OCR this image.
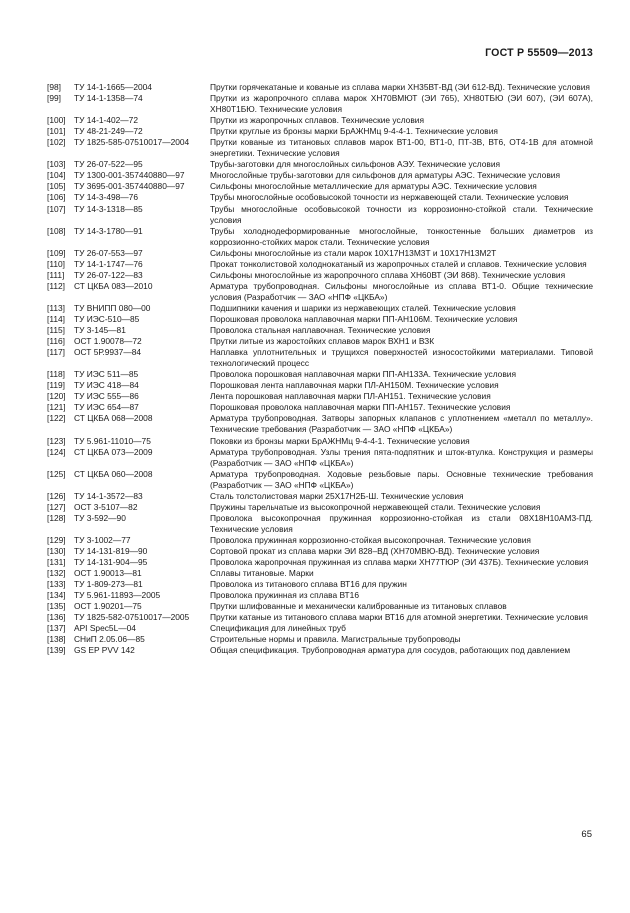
ГОСТ Р 55509—2013
[98]	ТУ 14-1-1665—2004	Прутки горячекатаные и кованые из сплава марки ХН35ВТ-ВД (ЭИ 612-ВД). Технические условия
[99]	ТУ 14-1-1358—74	Прутки из жаропрочного сплава марок ХН70ВМЮТ (ЭИ 765), ХН80ТБЮ (ЭИ 607), (ЭИ 607А), ХН80Т1БЮ. Технические условия
[100] ТУ 14-1-402—72	Прутки из жаропрочных сплавов. Технические условия
[101] ТУ 48-21-249—72	Прутки круглые из бронзы марки БрАЖНМц 9-4-4-1. Технические условия
[102] ТУ 1825-585-07510017—2004	Прутки кованые из титановых сплавов марок ВТ1-00, ВТ1-0, ПТ-3В, ВТ6, ОТ4-1В для атомной энергетики. Технические условия
[103] ТУ 26-07-522—95	Трубы-заготовки для многослойных сильфонов АЭУ. Технические условия
[104] ТУ 1300-001-357440880—97	Многослойные трубы-заготовки для сильфонов для арматуры АЭС. Технические условия
[105] ТУ 3695-001-357440880—97	Сильфоны многослойные металлические для арматуры АЭС. Технические условия
[106] ТУ 14-3-498—76	Трубы многослойные особовысокой точности из нержавеющей стали. Технические условия
[107] ТУ 14-3-1318—85	Трубы многослойные особовысокой точности из коррозионно-стойкой стали. Технические условия
[108] ТУ 14-3-1780—91	Трубы холоднодеформированные многослойные, тонкостенные больших диаметров из коррозионно-стойких марок стали. Технические условия
[109] ТУ 26-07-553—97	Сильфоны многослойные из стали марок 10Х17Н13М3Т и 10Х17Н13М2Т
[110]	ТУ 14-1-1747—76	Прокат тонколистовой холоднокатаный из жаропрочных сталей и сплавов. Технические условия
[111]	ТУ 26-07-122—83	Сильфоны многослойные из жаропрочного сплава ХН60ВТ (ЭИ 868). Технические условия
[112]	СТ ЦКБА 083—2010	Арматура трубопроводная. Сильфоны многослойные из сплава ВТ1-0. Общие технические условия (Разработчик — ЗАО «НПФ «ЦКБА»)
[113]	ТУ ВНИПП 080—00	Подшипники качения и шарики из нержавеющих сталей. Технические условия
[114]	ТУ ИЭС-510—85	Порошковая проволока наплавочная марки ПП-АН106М. Технические условия
[115]	ТУ 3-145—81	Проволока стальная наплавочная. Технические условия
[116]	ОСТ 1.90078—72	Прутки литые из жаростойких сплавов марок ВХН1 и ВЗК
[117]	ОСТ 5Р.9937—84	Наплавка уплотнительных и трущихся поверхностей износостойкими материалами. Типовой технологический процесс
[118]	ТУ ИЭС 511—85	Проволока порошковая наплавочная марки ПП-АН133А. Технические условия
[119]	ТУ ИЭС 418—84	Порошковая лента наплавочная марки ПЛ-АН150М. Технические условия
[120] ТУ ИЭС 555—86	Лента порошковая наплавочная марки ПЛ-АН151. Технические условия
[121] ТУ ИЭС 654—87	Порошковая проволока наплавочная марки ПП-АН157. Технические условия
[122] СТ ЦКБА 068—2008	Арматура трубопроводная. Затворы запорных клапанов с уплотнением «металл по металлу». Технические требования (Разработчик — ЗАО «НПФ «ЦКБА»)
[123] ТУ 5.961-11010—75	Поковки из бронзы марки БрАЖНМц 9-4-4-1. Технические условия
[124] СТ ЦКБА 073—2009	Арматура трубопроводная. Узлы трения пята-подпятник и шток-втулка. Конструкция и размеры (Разработчик — ЗАО «НПФ «ЦКБА»)
[125] СТ ЦКБА 060—2008	Арматура трубопроводная. Ходовые резьбовые пары. Основные технические требования (Разработчик — ЗАО «НПФ «ЦКБА»)
[126] ТУ 14-1-3572—83	Сталь толстолистовая марки 25Х17Н2Б-Ш. Технические условия
[127] ОСТ 3-5107—82	Пружины тарельчатые из высокопрочной нержавеющей стали. Технические условия
[128] ТУ 3-592—90	Проволока высокопрочная пружинная коррозионно-стойкая из стали 08Х18Н10АМ3-ПД. Технические условия
[129] ТУ 3-1002—77	Проволока пружинная коррозионно-стойкая высокопрочная. Технические условия
[130] ТУ 14-131-819—90	Сортовой прокат из сплава марки ЭИ 828–ВД (ХН70МВЮ-ВД). Технические условия
[131] ТУ 14-131-904—95	Проволока жаропрочная пружинная из сплава марки ХН77ТЮР (ЭИ 437Б). Технические условия
[132] ОСТ 1.90013—81	Сплавы титановые. Марки
[133] ТУ 1-809-273—81	Проволока из титанового сплава ВТ16 для пружин
[134] ТУ 5.961-11893—2005	Проволока пружинная из сплава ВТ16
[135] ОСТ 1.90201—75	Прутки шлифованные и механически калиброванные из титановых сплавов
[136] ТУ 1825-582-07510017—2005	Прутки катаные из титанового сплава марки ВТ16 для атомной энергетики. Технические условия
[137] API Spec5L—04	Спецификация для линейных труб
[138] СНиП 2.05.06—85	Строительные нормы и правила. Магистральные трубопроводы
[139] GS EP PVV 142	Общая спецификация. Трубопроводная арматура для сосудов, работающих под давлением
65
